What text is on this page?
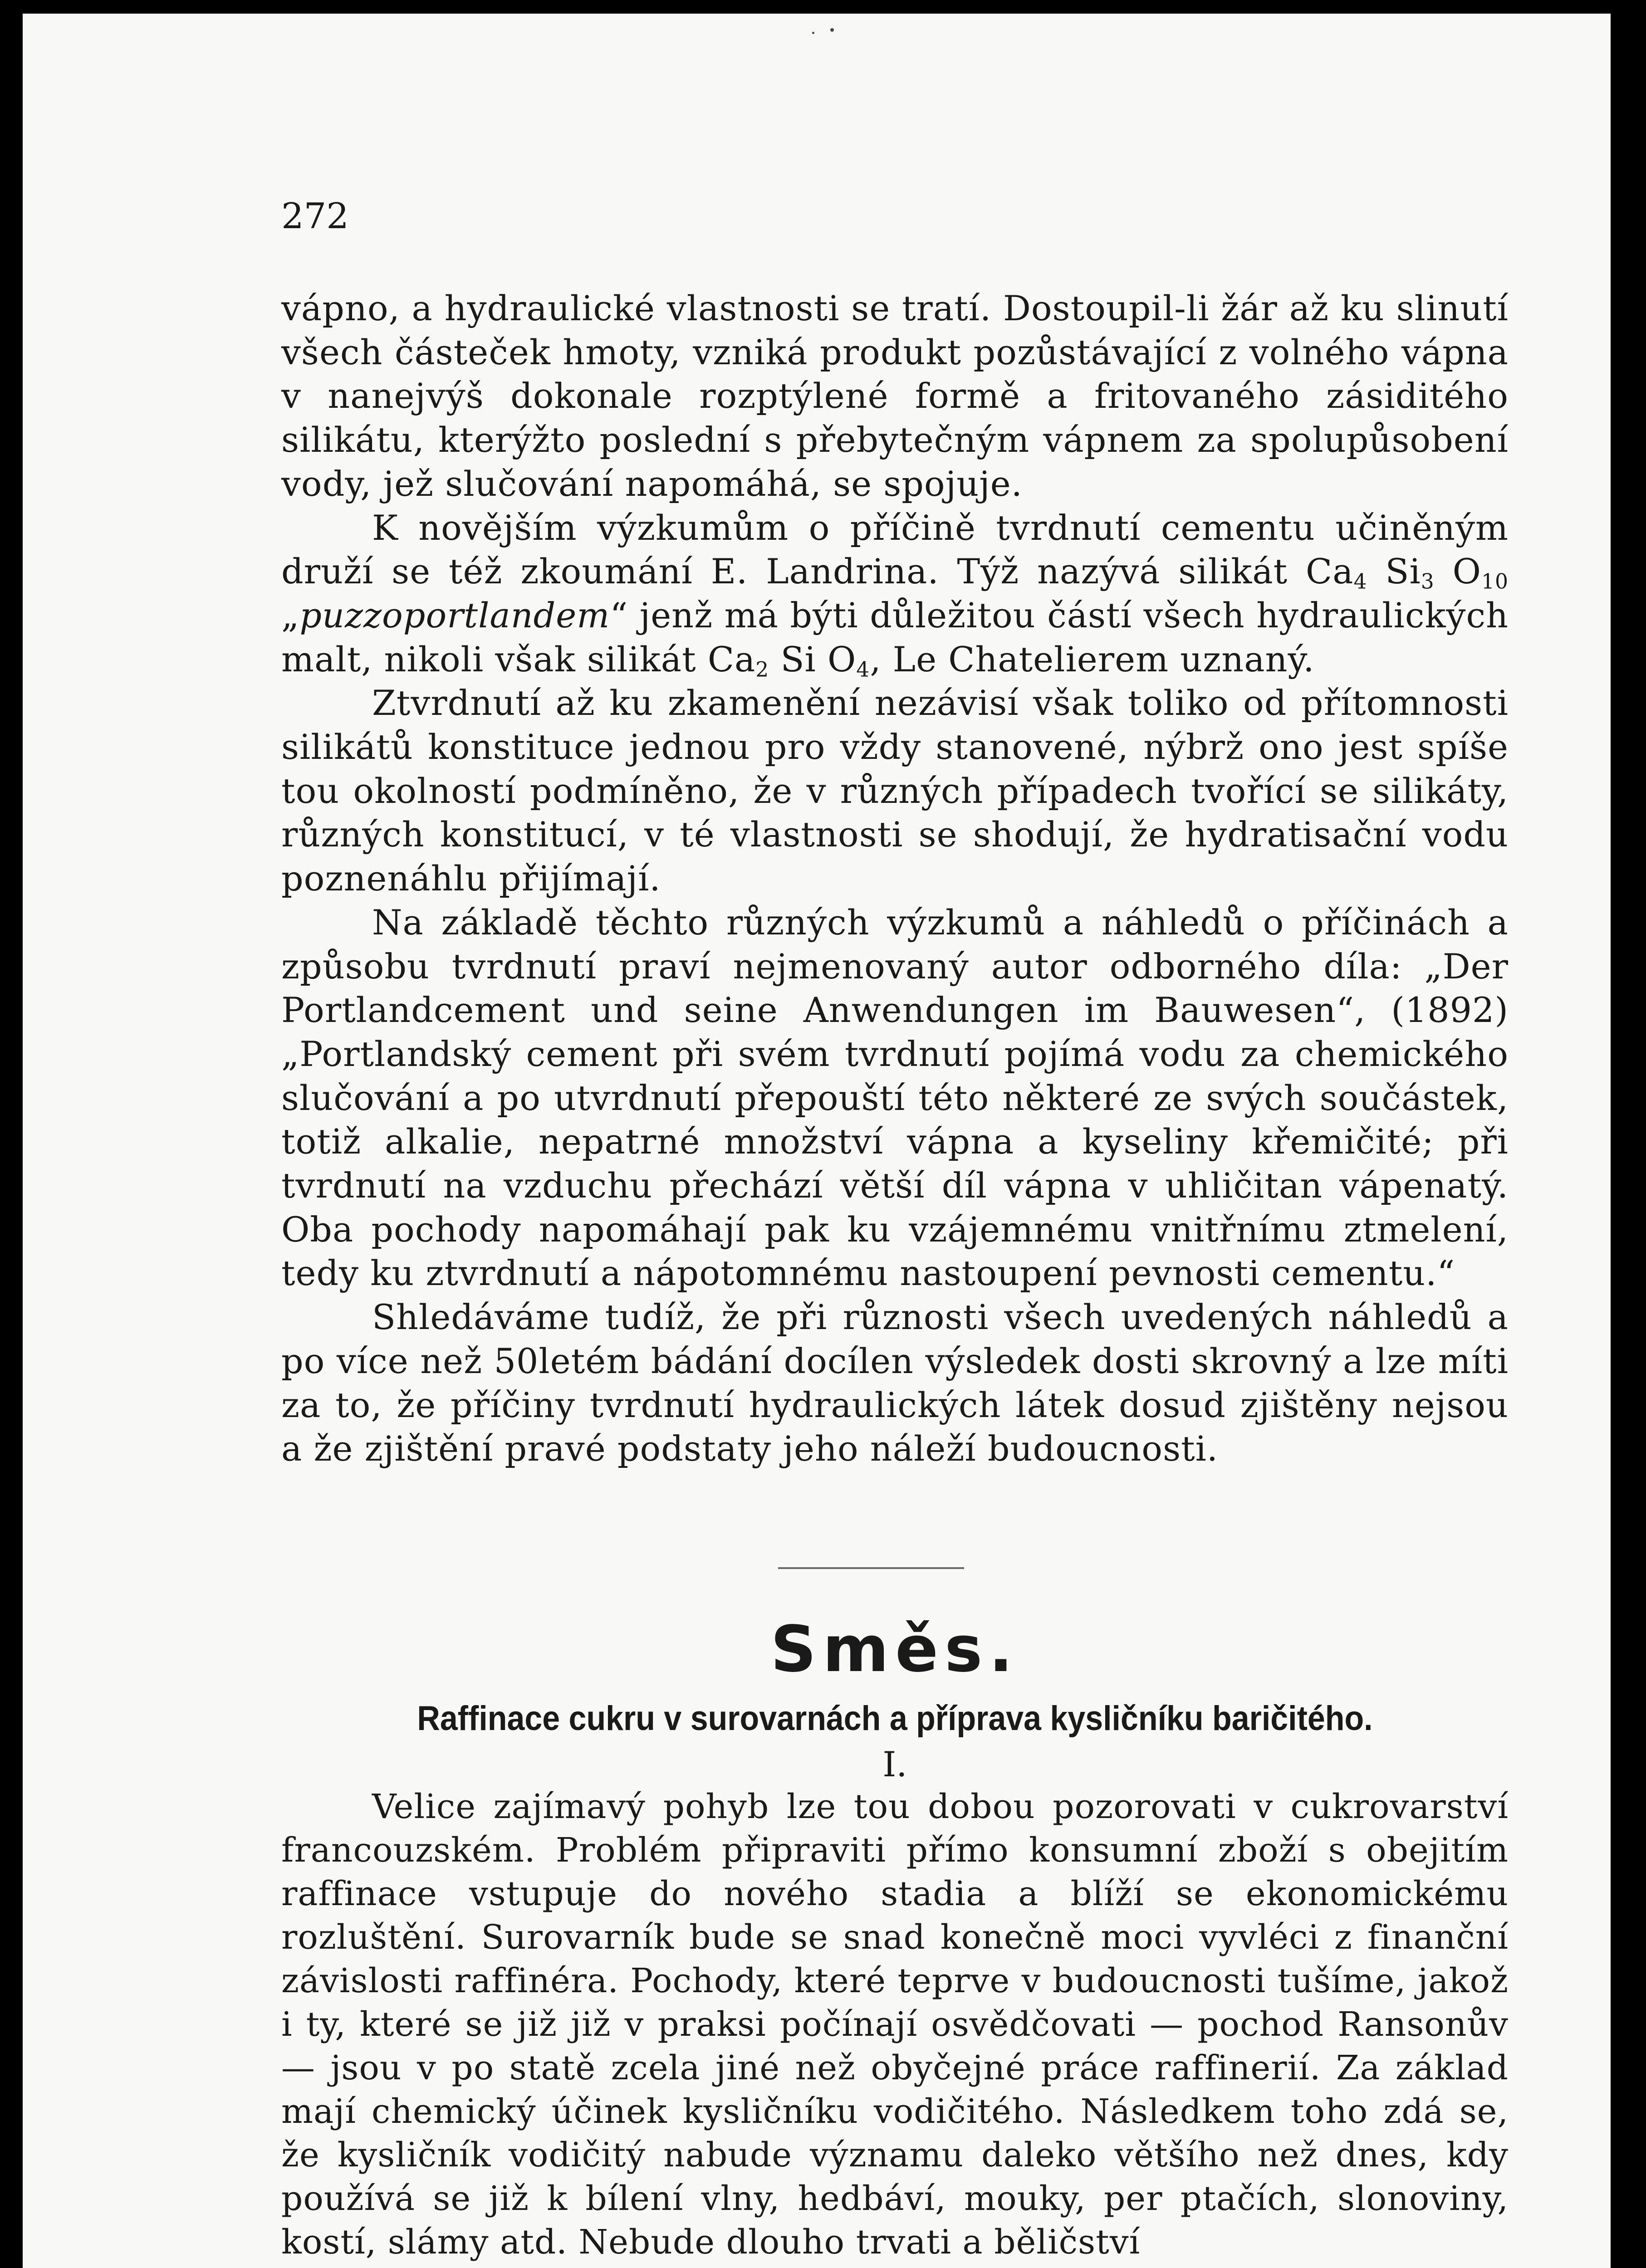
272

vápno, a hydraulické vlastnosti se tratí. Dostoupil-li žár až ku slinutí všech částeček hmoty, vzniká produkt pozůstávající z volného vápna v nanejvýš dokonale rozptýlené formě a fritovaného zásiditého silikátu, kterýžto poslední s přebytečným vápnem za spolupůsobení vody, jež slučování napomáhá, se spojuje.

K novějším výzkumům o příčině tvrdnutí cementu učiněným druží se též zkoumání E. Landrina. Týž nazývá silikát $Ca_4$ $Si_3$ $O_{10}$ „puzzoportlandem“ jenž má býti důležitou částí všech hydraulických malt, nikoli však silikát $Ca_2$ Si $O_4$, Le Chatelierem uznaný.

Ztvrdnutí až ku zkamenění nezávisí však toliko od přítomnosti silikátů konstituce jednou pro vždy stanovené, nýbrž ono jest spíše tou okolností podmíněno, že v různých případech tvořící se silikáty, různých konstitucí, v té vlastnosti se shodují, že hydratisační vodu poznenáhlu přijímají.

Na základě těchto různých výzkumů a náhledů o příčinách a způsobu tvrdnutí praví nejmenovaný autor odborného díla: „Der Portlandcement und seine Anwendungen im Bauwesen“, (1892) „Portlandský cement při svém tvrdnutí pojímá vodu za chemického slučování a po utvrdnutí přepouští této některé ze svých součástek, totiž alkalie, nepatrné množství vápna a kyseliny křemičité; při tvrdnutí na vzduchu přechází větší díl vápna v uhličitan vápenatý. Oba pochody napomáhají pak ku vzájemnému vnitřnímu ztmelení, tedy ku ztvrdnutí a nápotomnému nastoupení pevnosti cementu.“

Shledáváme tudíž, že při různosti všech uvedených náhledů a po více než 50letém bádání docílen výsledek dosti skrovný a lze míti za to, že příčiny tvrdnutí hydraulických látek dosud zjištěny nejsou a že zjištění pravé podstaty jeho náleží budoucnosti.

Směs.
Raffinace cukru v surovarnách a příprava kysličníku baričitého.
I.

Velice zajímavý pohyb lze tou dobou pozorovati v cukrovarství francouzském. Problém připraviti přímo konsumní zboží s obejitím raffinace vstupuje do nového stadia a blíží se ekonomickému rozluštění. Surovarník bude se snad konečně moci vyvléci z finanční závislosti raffinéra. Pochody, které teprve v budoucnosti tušíme, jakož i ty, které se již již v praksi počínají osvědčovati — pochod Ransonův — jsou v po statě zcela jiné než obyčejné práce raffinerií. Za základ mají chemický účinek kysličníku vodičitého. Následkem toho zdá se, že kysličník vodičitý nabude významu daleko většího než dnes, kdy používá se již k bílení vlny, hedbáví, mouky, per ptačích, slonoviny, kostí, slámy atd. Nebude dlouho trvati a běličství
